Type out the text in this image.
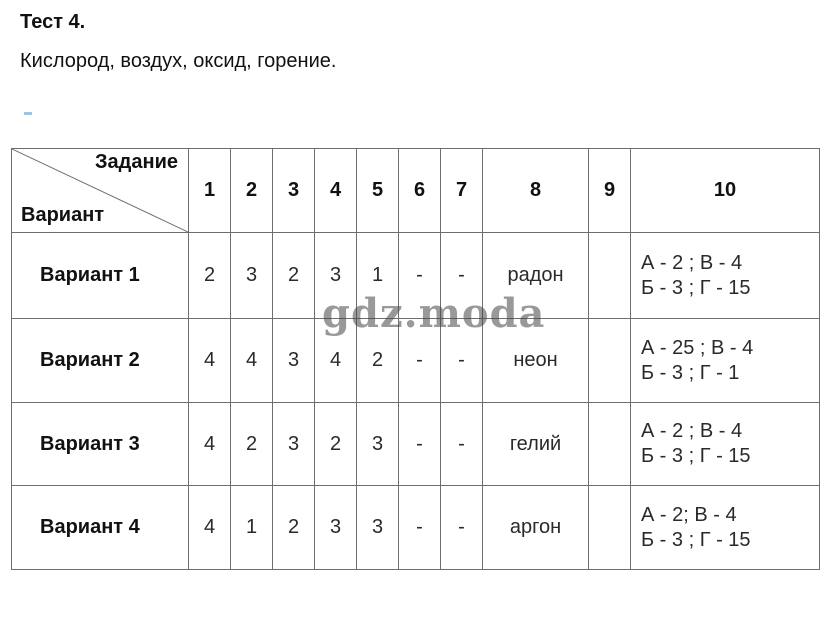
Тест 4.
Кислород, воздух, оксид, горение.
Задание
Вариант	1	2	3	4	5	6	7	8	9	10
Вариант 1	2	3	2	3	1	-	-	радон		А - 2 ; В - 4
Б - 3 ; Г - 15

Вариант 2	4	4	3	4	2	-	-	неон		А - 25 ; В - 4
Б - 3 ; Г - 1

Вариант 3	4	2	3	2	3	-	-	гелий		А - 2 ; В - 4
Б - 3 ; Г - 15

Вариант 4	4	1	2	3	3	-	-	аргон		А - 2; В - 4
Б - 3 ; Г - 15
gdz.moda
